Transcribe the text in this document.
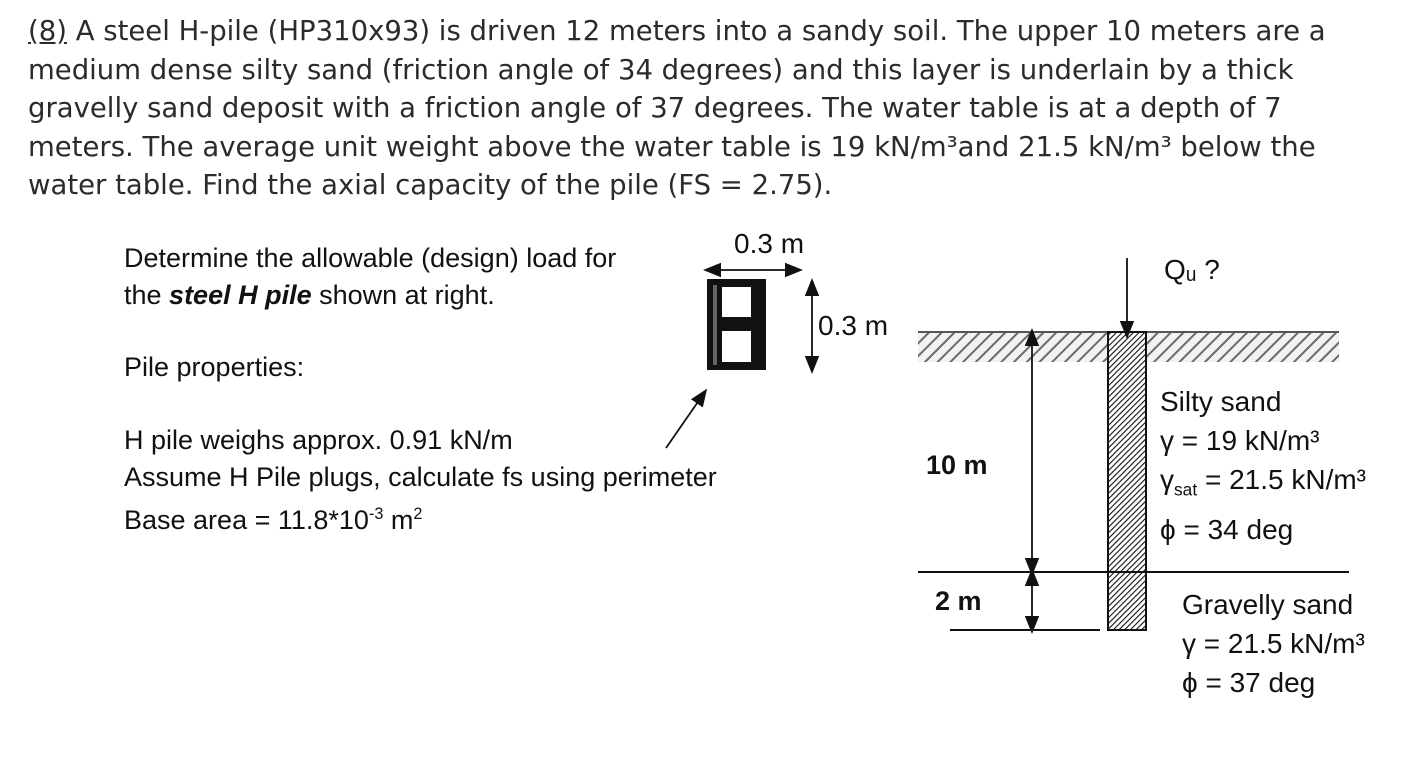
(8) A steel H-pile (HP310x93) is driven 12 meters into a sandy soil. The upper 10 meters are a
medium dense silty sand (friction angle of 34 degrees) and this layer is underlain by a thick
gravelly sand deposit with a friction angle of 37 degrees. The water table is at a depth of 7
meters. The average unit weight above the water table is 19 kN/m³and 21.5 kN/m³ below the
water table. Find the axial capacity of the pile (FS = 2.75).
Determine the allowable (design) load for
the steel H pile shown at right.
Pile properties:
H pile weighs approx. 0.91 kN/m
Assume H Pile plugs, calculate fs using perimeter
Base area = $11.8*10^{-3}$ $m^2$
0.3 m
0.3 m
Qᵤ ?
10 m
2 m
Silty sand
γ = 19 kN/m³
$\gamma_{sat} = 21.5$ kN/m³
ϕ = 34 deg
Gravelly sand
γ = 21.5 kN/m³
ϕ = 37 deg
